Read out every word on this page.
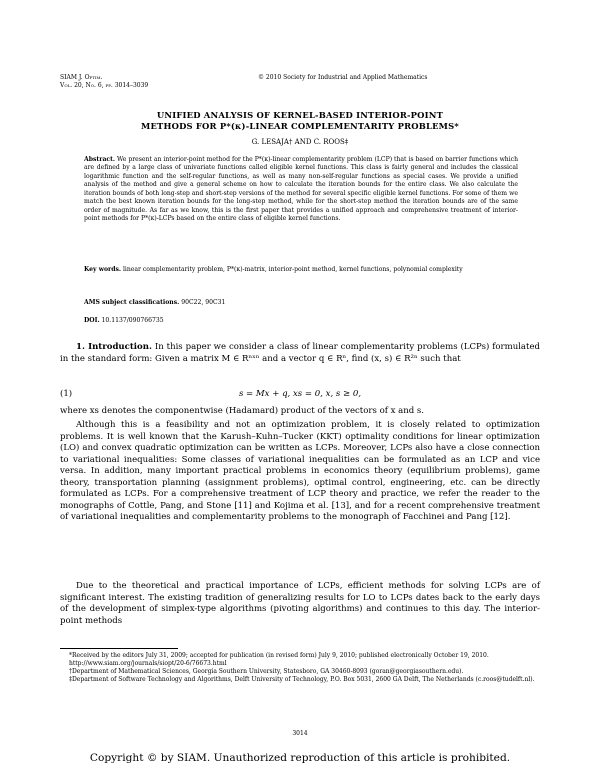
SIAM J. Optim.
Vol. 20, No. 6, pp. 3014–3039
© 2010 Society for Industrial and Applied Mathematics
UNIFIED ANALYSIS OF KERNEL-BASED INTERIOR-POINT
METHODS FOR P*(κ)-LINEAR COMPLEMENTARITY PROBLEMS*
G. LESAJA† AND C. ROOS‡
Abstract. We present an interior-point method for the P*(κ)-linear complementarity problem (LCP) that is based on barrier functions which are defined by a large class of univariate functions called eligible kernel functions. This class is fairly general and includes the classical logarithmic function and the self-regular functions, as well as many non-self-regular functions as special cases. We provide a unified analysis of the method and give a general scheme on how to calculate the iteration bounds for the entire class. We also calculate the iteration bounds of both long-step and short-step versions of the method for several specific eligible kernel functions. For some of them we match the best known iteration bounds for the long-step method, while for the short-step method the iteration bounds are of the same order of magnitude. As far as we know, this is the first paper that provides a unified approach and comprehensive treatment of interior-point methods for P*(κ)-LCPs based on the entire class of eligible kernel functions.
Key words. linear complementarity problem, P*(κ)-matrix, interior-point method, kernel functions, polynomial complexity
AMS subject classifications. 90C22, 90C31
DOI. 10.1137/090766735
1. Introduction. In this paper we consider a class of linear complementarity problems (LCPs) formulated in the standard form: Given a matrix M ∈ Rⁿˣⁿ and a vector q ∈ Rⁿ, find (x, s) ∈ R²ⁿ such that
(1)	s = Mx + q, xs = 0, x, s ≥ 0,
where xs denotes the componentwise (Hadamard) product of the vectors of x and s.
Although this is a feasibility and not an optimization problem, it is closely related to optimization problems. It is well known that the Karush–Kuhn–Tucker (KKT) optimality conditions for linear optimization (LO) and convex quadratic optimization can be written as LCPs. Moreover, LCPs also have a close connection to variational inequalities: Some classes of variational inequalities can be formulated as an LCP and vice versa. In addition, many important practical problems in economics theory (equilibrium problems), game theory, transportation planning (assignment problems), optimal control, engineering, etc. can be directly formulated as LCPs. For a comprehensive treatment of LCP theory and practice, we refer the reader to the monographs of Cottle, Pang, and Stone [11] and Kojima et al. [13], and for a recent comprehensive treatment of variational inequalities and complementarity problems to the monograph of Facchinei and Pang [12].
Due to the theoretical and practical importance of LCPs, efficient methods for solving LCPs are of significant interest. The existing tradition of generalizing results for LO to LCPs dates back to the early days of the development of simplex-type algorithms (pivoting algorithms) and continues to this day. The interior-point methods

*Received by the editors July 31, 2009; accepted for publication (in revised form) July 9, 2010; published electronically October 19, 2010.

http://www.siam.org/journals/siopt/20-6/76673.html

†Department of Mathematical Sciences, Georgia Southern University, Statesboro, GA 30460-8093 (goran@georgiasouthern.edu).

‡Department of Software Technology and Algorithms, Delft University of Technology, P.O. Box 5031, 2600 GA Delft, The Netherlands (c.roos@tudelft.nl).

3014
Copyright © by SIAM. Unauthorized reproduction of this article is prohibited.
